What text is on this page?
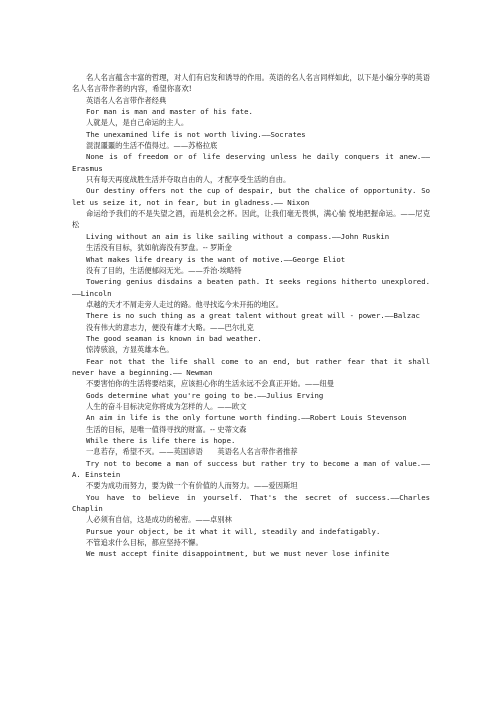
名人名言蕴含丰富的哲理，对人们有启发和诱导的作用。英语的名人名言同样如此，以下是小编分享的英语名人名言带作者的内容，希望你喜欢!

英语名人名言带作者经典

For man is man and master of his fate.

人就是人，是自己命运的主人。

The unexamined life is not worth living.——Socrates

混混噩噩的生活不值得过。——苏格拉底

None is of freedom or of life deserving unless he daily conquers it anew.——Erasmus

只有每天再度战胜生活并夺取自由的人，才配享受生活的自由。

Our destiny offers not the cup of despair, but the chalice of opportunity. So let us seize it, not in fear, but in gladness.—— Nixon

命运给予我们的不是失望之酒，而是机会之杯。因此，让我们毫无畏惧，满心愉 悦地把握命运。——尼克松

Living without an aim is like sailing without a compass.——John Ruskin

生活没有目标，犹如航海没有罗盘。-- 罗斯金

What makes life dreary is the want of motive.——George Eliot

没有了目的，生活便郁闷无光。——乔治·埃略特

Towering genius disdains a beaten path. It seeks regions hitherto unexplored.——Lincoln

卓越的天才不屑走旁人走过的路。他寻找迄今未开拓的地区。

There is no such thing as a great talent without great will - power.——Balzac

没有伟大的意志力，便没有雄才大略。——巴尔扎克

The good seaman is known in bad weather.

惊涛骇浪，方显英雄本色。

Fear not that the life shall come to an end, but rather fear that it shall never have a beginning.—— Newman

不要害怕你的生活将要结束，应该担心你的生活永远不会真正开始。——纽曼

Gods determine what you're going to be.——Julius Erving

人生的奋斗目标决定你将成为怎样的人。——欧文

An aim in life is the only fortune worth finding.——Robert Louis Stevenson

生活的目标，是唯一值得寻找的财富。-- 史蒂文森

While there is life there is hope.

一息若存，希望不灭。——英国谚语　　英语名人名言带作者推荐

Try not to become a man of success but rather try to become a man of value.——A. Einstein

不要为成功而努力，要为做一个有价值的人而努力。——爱因斯坦

You have to believe in yourself. That's the secret of success.——Charles Chaplin

人必须有自信，这是成功的秘密。——卓别林

Pursue your object, be it what it will, steadily and indefatigably.

不管追求什么目标，都应坚持不懈。

We must accept finite disappointment, but we must never lose infinite
